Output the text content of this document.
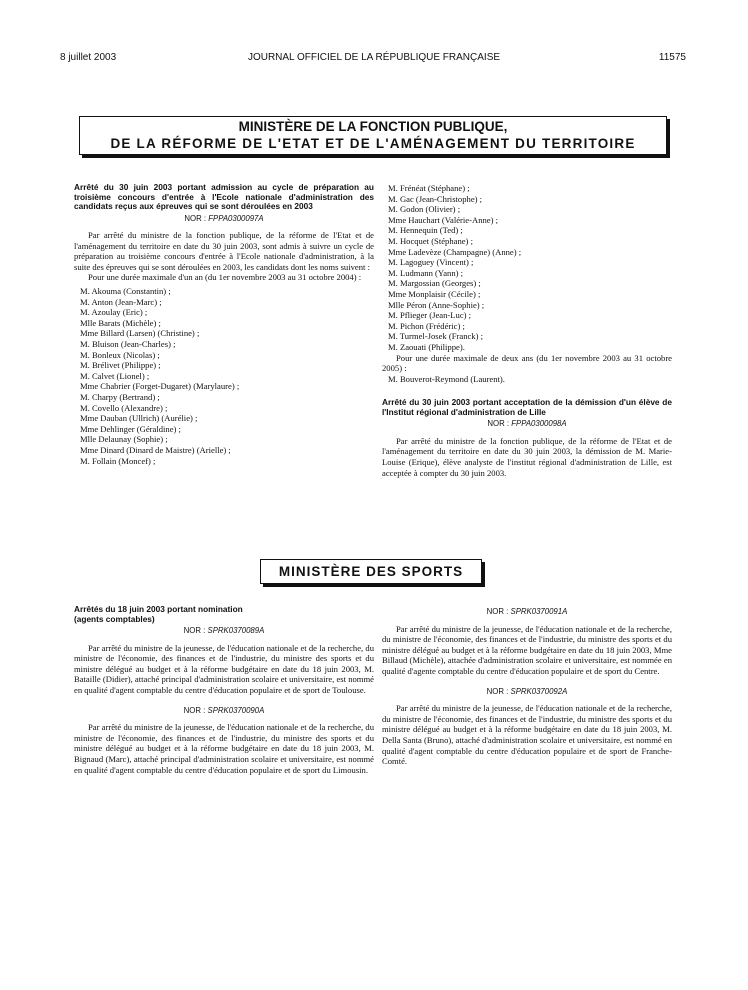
8 juillet 2003	JOURNAL OFFICIEL DE LA RÉPUBLIQUE FRANÇAISE	11575
MINISTÈRE DE LA FONCTION PUBLIQUE,
DE LA RÉFORME DE L'ETAT ET DE L'AMÉNAGEMENT DU TERRITOIRE
Arrêté du 30 juin 2003 portant admission au cycle de préparation au troisième concours d'entrée à l'Ecole nationale d'administration des candidats reçus aux épreuves qui se sont déroulées en 2003
NOR : FPPA0300097A

Par arrêté du ministre de la fonction publique, de la réforme de l'Etat et de l'aménagement du territoire en date du 30 juin 2003, sont admis à suivre un cycle de préparation au troisième concours d'entrée à l'Ecole nationale d'administration, à la suite des épreuves qui se sont déroulées en 2003, les candidats dont les noms suivent :

Pour une durée maximale d'un an (du 1er novembre 2003 au 31 octobre 2004) :

M. Akouma (Constantin) ;
M. Anton (Jean-Marc) ;
M. Azoulay (Eric) ;
Mlle Barats (Michèle) ;
Mme Billard (Larsen) (Christine) ;
M. Bluison (Jean-Charles) ;
M. Bonleux (Nicolas) ;
M. Brélivet (Philippe) ;
M. Calvet (Lionel) ;
Mme Chabrier (Forget-Dugaret) (Marylaure) ;
M. Charpy (Bertrand) ;
M. Covello (Alexandre) ;
Mme Dauban (Ullrich) (Aurélie) ;
Mme Dehlinger (Géraldine) ;
Mlle Delaunay (Sophie) ;
Mme Dinard (Dinard de Maistre) (Arielle) ;
M. Follain (Moncef) ;
M. Frénéat (Stéphane) ;
M. Gac (Jean-Christophe) ;
M. Godon (Olivier) ;
Mme Hauchart (Valérie-Anne) ;
M. Hennequin (Ted) ;
M. Hocquet (Stéphane) ;
Mme Ladevèze (Champagne) (Anne) ;
M. Lagoguey (Vincent) ;
M. Ludmann (Yann) ;
M. Margossian (Georges) ;
Mme Monplaisir (Cécile) ;
Mlle Péron (Anne-Sophie) ;
M. Pflieger (Jean-Luc) ;
M. Pichon (Frédéric) ;
M. Turmel-Josek (Franck) ;
M. Zaouati (Philippe).

Pour une durée maximale de deux ans (du 1er novembre 2003 au 31 octobre 2005) :

M. Bouverot-Reymond (Laurent).
Arrêté du 30 juin 2003 portant acceptation de la démission d'un élève de l'Institut régional d'administration de Lille
NOR : FPPA0300098A

Par arrêté du ministre de la fonction publique, de la réforme de l'Etat et de l'aménagement du territoire en date du 30 juin 2003, la démission de M. Marie-Louise (Erique), élève analyste de l'institut régional d'administration de Lille, est acceptée à compter du 30 juin 2003.

MINISTÈRE DES SPORTS
Arrêtés du 18 juin 2003 portant nomination
(agents comptables)
NOR : SPRK0370089A

Par arrêté du ministre de la jeunesse, de l'éducation nationale et de la recherche, du ministre de l'économie, des finances et de l'industrie, du ministre des sports et du ministre délégué au budget et à la réforme budgétaire en date du 18 juin 2003, M. Bataille (Didier), attaché principal d'administration scolaire et universitaire, est nommé en qualité d'agent comptable du centre d'éducation populaire et de sport de Toulouse.

NOR : SPRK0370090A

Par arrêté du ministre de la jeunesse, de l'éducation nationale et de la recherche, du ministre de l'économie, des finances et de l'industrie, du ministre des sports et du ministre délégué au budget et à la réforme budgétaire en date du 18 juin 2003, M. Bignaud (Marc), attaché principal d'administration scolaire et universitaire, est nommé en qualité d'agent comptable du centre d'éducation populaire et de sport du Limousin.

NOR : SPRK0370091A

Par arrêté du ministre de la jeunesse, de l'éducation nationale et de la recherche, du ministre de l'économie, des finances et de l'industrie, du ministre des sports et du ministre délégué au budget et à la réforme budgétaire en date du 18 juin 2003, Mme Billaud (Michèle), attachée d'administration scolaire et universitaire, est nommée en qualité d'agente comptable du centre d'éducation populaire et de sport du Centre.

NOR : SPRK0370092A

Par arrêté du ministre de la jeunesse, de l'éducation nationale et de la recherche, du ministre de l'économie, des finances et de l'industrie, du ministre des sports et du ministre délégué au budget et à la réforme budgétaire en date du 18 juin 2003, M. Della Santa (Bruno), attaché d'administration scolaire et universitaire, est nommé en qualité d'agent comptable du centre d'éducation populaire et de sport de Franche-Comté.
